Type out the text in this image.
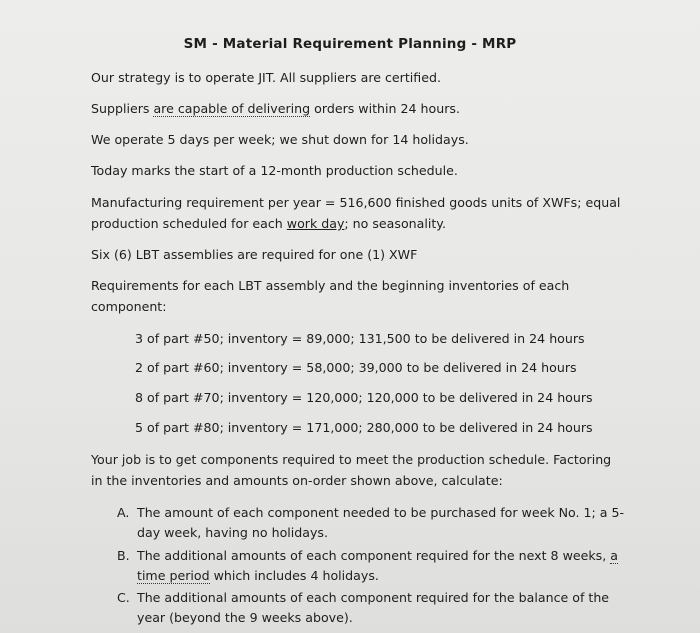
SM - Material Requirement Planning - MRP
Our strategy is to operate JIT. All suppliers are certified.
Suppliers are capable of delivering orders within 24 hours.
We operate 5 days per week; we shut down for 14 holidays.
Today marks the start of a 12-month production schedule.
Manufacturing requirement per year = 516,600 finished goods units of XWFs; equal
production scheduled for each work day; no seasonality.
Six (6) LBT assemblies are required for one (1) XWF
Requirements for each LBT assembly and the beginning inventories of each
component:
3 of part #50; inventory = 89,000; 131,500 to be delivered in 24 hours
2 of part #60; inventory = 58,000; 39,000 to be delivered in 24 hours
8 of part #70; inventory = 120,000; 120,000 to be delivered in 24 hours
5 of part #80; inventory = 171,000; 280,000 to be delivered in 24 hours
Your job is to get components required to meet the production schedule. Factoring
in the inventories and amounts on-order shown above, calculate:
A. The amount of each component needed to be purchased for week No. 1; a 5-
day week, having no holidays.
B. The additional amounts of each component required for the next 8 weeks, a
time period which includes 4 holidays.
C. The additional amounts of each component required for the balance of the
year (beyond the 9 weeks above).
